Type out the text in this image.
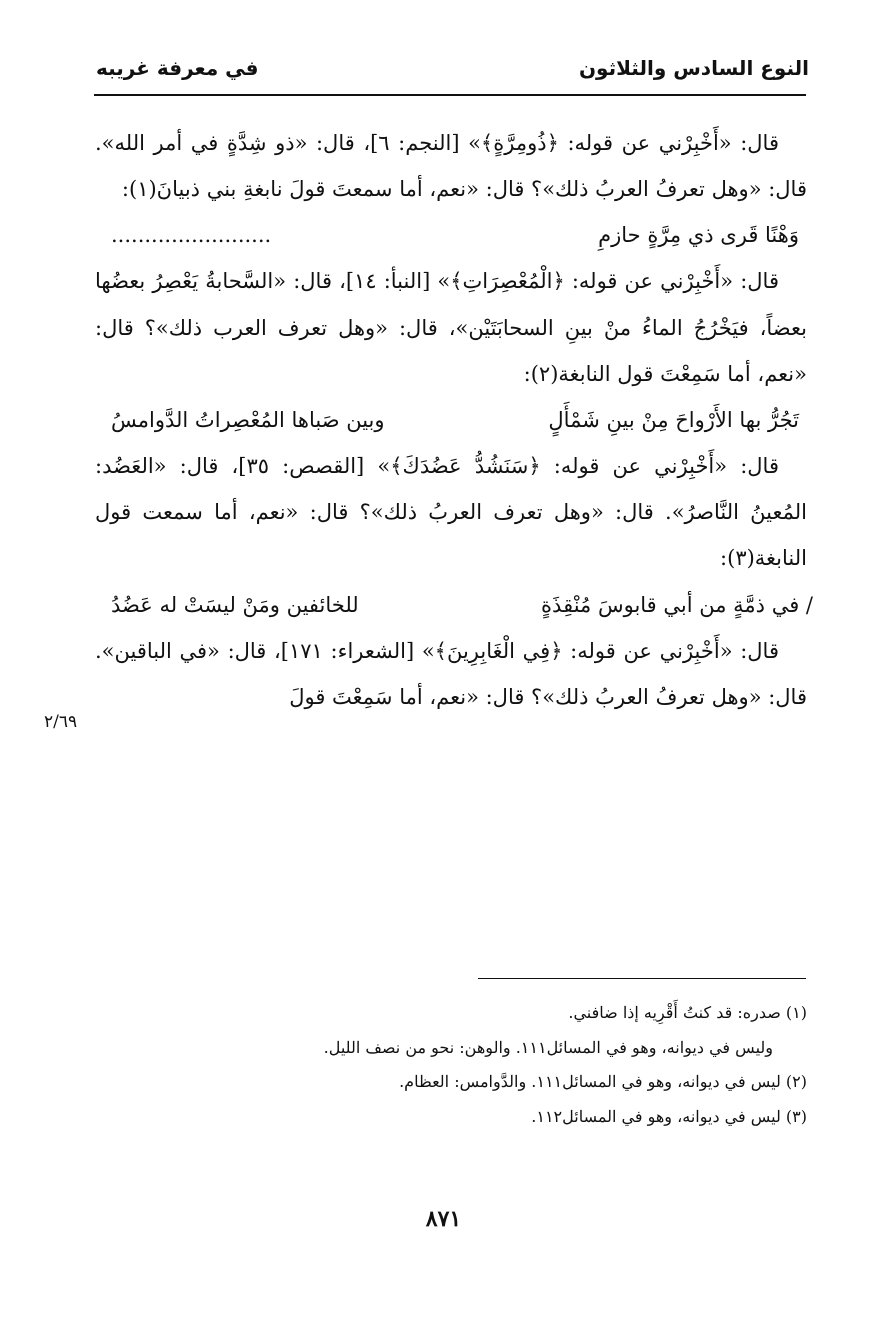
النوع السادس والثلاثون
في معرفة غريبه

قال: «أَخْبِرْني عن قوله: ﴿ذُومِرَّةٍ﴾» [النجم: ٦]، قال: «ذو شِدَّةٍ في أمر الله». قال: «وهل تعرفُ العربُ ذلك»؟ قال: «نعم، أما سمعتَ قولَ نابغةِ بني ذبيانَ(١):

وَهْنًا قَرى ذي مِرَّةٍ حازمِ
........................

قال: «أَخْبِرْني عن قوله: ﴿الْمُعْصِرَاتِ﴾» [النبأ: ١٤]، قال: «السَّحابةُ يَعْصِرُ بعضُها بعضاً، فيَخْرُجُ الماءُ منْ بينِ السحابَتَيْن»، قال: «وهل تعرف العرب ذلك»؟ قال: «نعم، أما سَمِعْتَ قول النابغة(٢):

تَجُرُّ بها الأَرْواحَ مِنْ بينِ شَمْأَلٍ
وبين صَباها المُعْصِراتُ الدَّوامسُ

قال: «أَخْبِرْني عن قوله: ﴿سَنَشُدُّ عَضُدَكَ﴾» [القصص: ٣٥]، قال: «العَضُد: المُعينُ النَّاصرُ». قال: «وهل تعرف العربُ ذلك»؟ قال: «نعم، أما سمعت قول النابغة(٣):

/ في ذمَّةٍ من أبي قابوسَ مُنْقِذَةٍ
للخائفين ومَنْ ليسَتْ له عَضُدُ

قال: «أَخْبِرْني عن قوله: ﴿فِي الْغَابِرِينَ﴾» [الشعراء: ١٧١]، قال: «في الباقين». قال: «وهل تعرفُ العربُ ذلك»؟ قال: «نعم، أما سَمِعْتَ قولَ

٢/٦٩

(١) صدره: قد كنتُ أَقْرِيه إذا ضافني.

وليس في ديوانه، وهو في المسائل١١١. والوهن: نحو من نصف الليل.

(٢) ليس في ديوانه، وهو في المسائل١١١. والدَّوامس: العظام.

(٣) ليس في ديوانه، وهو في المسائل١١٢.

٨٧١
